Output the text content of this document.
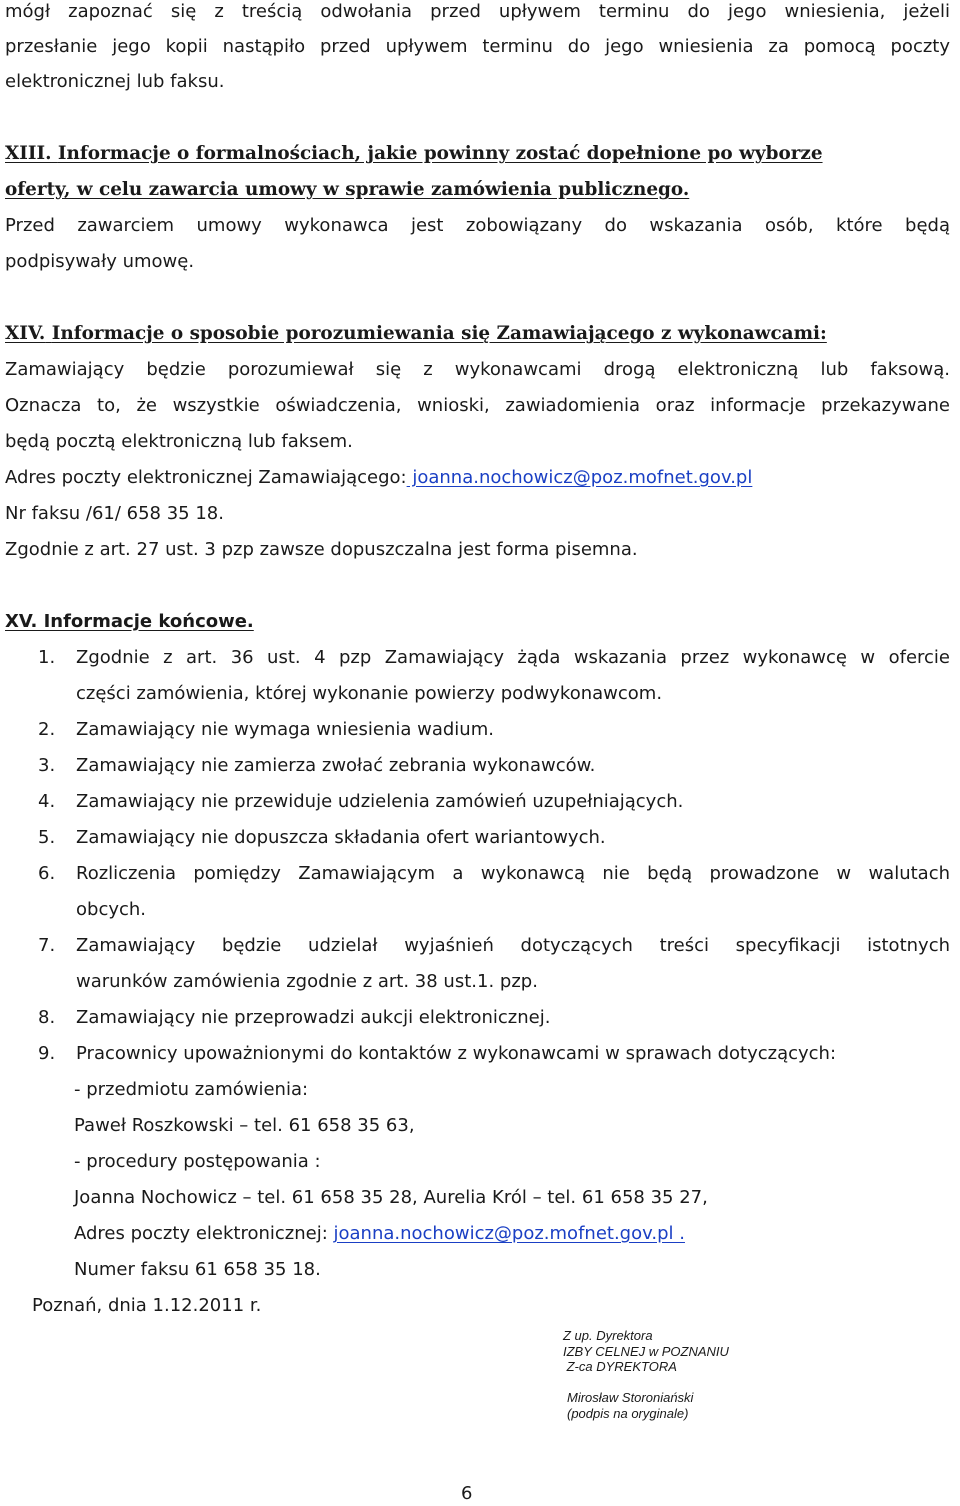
mógł zapoznać się z treścią odwołania przed upływem terminu do jego wniesienia, jeżeli
przesłanie jego kopii nastąpiło przed upływem terminu do jego wniesienia za pomocą poczty
elektronicznej lub faksu.
XIII. Informacje o formalnościach, jakie powinny zostać dopełnione po wyborze
oferty, w celu zawarcia umowy w sprawie zamówienia publicznego.
Przed zawarciem umowy wykonawca jest zobowiązany do wskazania osób, które będą
podpisywały umowę.
XIV. Informacje o sposobie porozumiewania się Zamawiającego z wykonawcami:
Zamawiający będzie porozumiewał się z wykonawcami drogą elektroniczną lub faksową.
Oznacza to, że wszystkie oświadczenia, wnioski, zawiadomienia oraz informacje przekazywane
będą pocztą elektroniczną lub faksem.
Adres poczty elektronicznej Zamawiającego: joanna.nochowicz@poz.mofnet.gov.pl
Nr faksu /61/ 658 35 18.
Zgodnie z art. 27 ust. 3 pzp zawsze dopuszczalna jest forma pisemna.
XV. Informacje końcowe.
1. Zgodnie z art. 36 ust. 4 pzp Zamawiający żąda wskazania przez wykonawcę w ofercie
części zamówienia, której wykonanie powierzy podwykonawcom.
2. Zamawiający nie wymaga wniesienia wadium.
3. Zamawiający nie zamierza zwołać zebrania wykonawców.
4. Zamawiający nie przewiduje udzielenia zamówień uzupełniających.
5. Zamawiający nie dopuszcza składania ofert wariantowych.
6. Rozliczenia pomiędzy Zamawiającym a wykonawcą nie będą prowadzone w walutach
obcych.
7. Zamawiający będzie udzielał wyjaśnień dotyczących treści specyfikacji istotnych
warunków zamówienia zgodnie z art. 38 ust.1. pzp.
8. Zamawiający nie przeprowadzi aukcji elektronicznej.
9. Pracownicy upoważnionymi do kontaktów z wykonawcami w sprawach dotyczących:
- przedmiotu zamówienia:
Paweł Roszkowski – tel. 61 658 35 63,
- procedury postępowania :
Joanna Nochowicz – tel. 61 658 35 28, Aurelia Król – tel. 61 658 35 27,
Adres poczty elektronicznej: joanna.nochowicz@poz.mofnet.gov.pl .
Numer faksu 61 658 35 18.
Poznań, dnia 1.12.2011 r.
Z up. Dyrektora
IZBY CELNEJ w POZNANIU
Z-ca DYREKTORA
Mirosław Storoniański
(podpis na oryginale)
6
